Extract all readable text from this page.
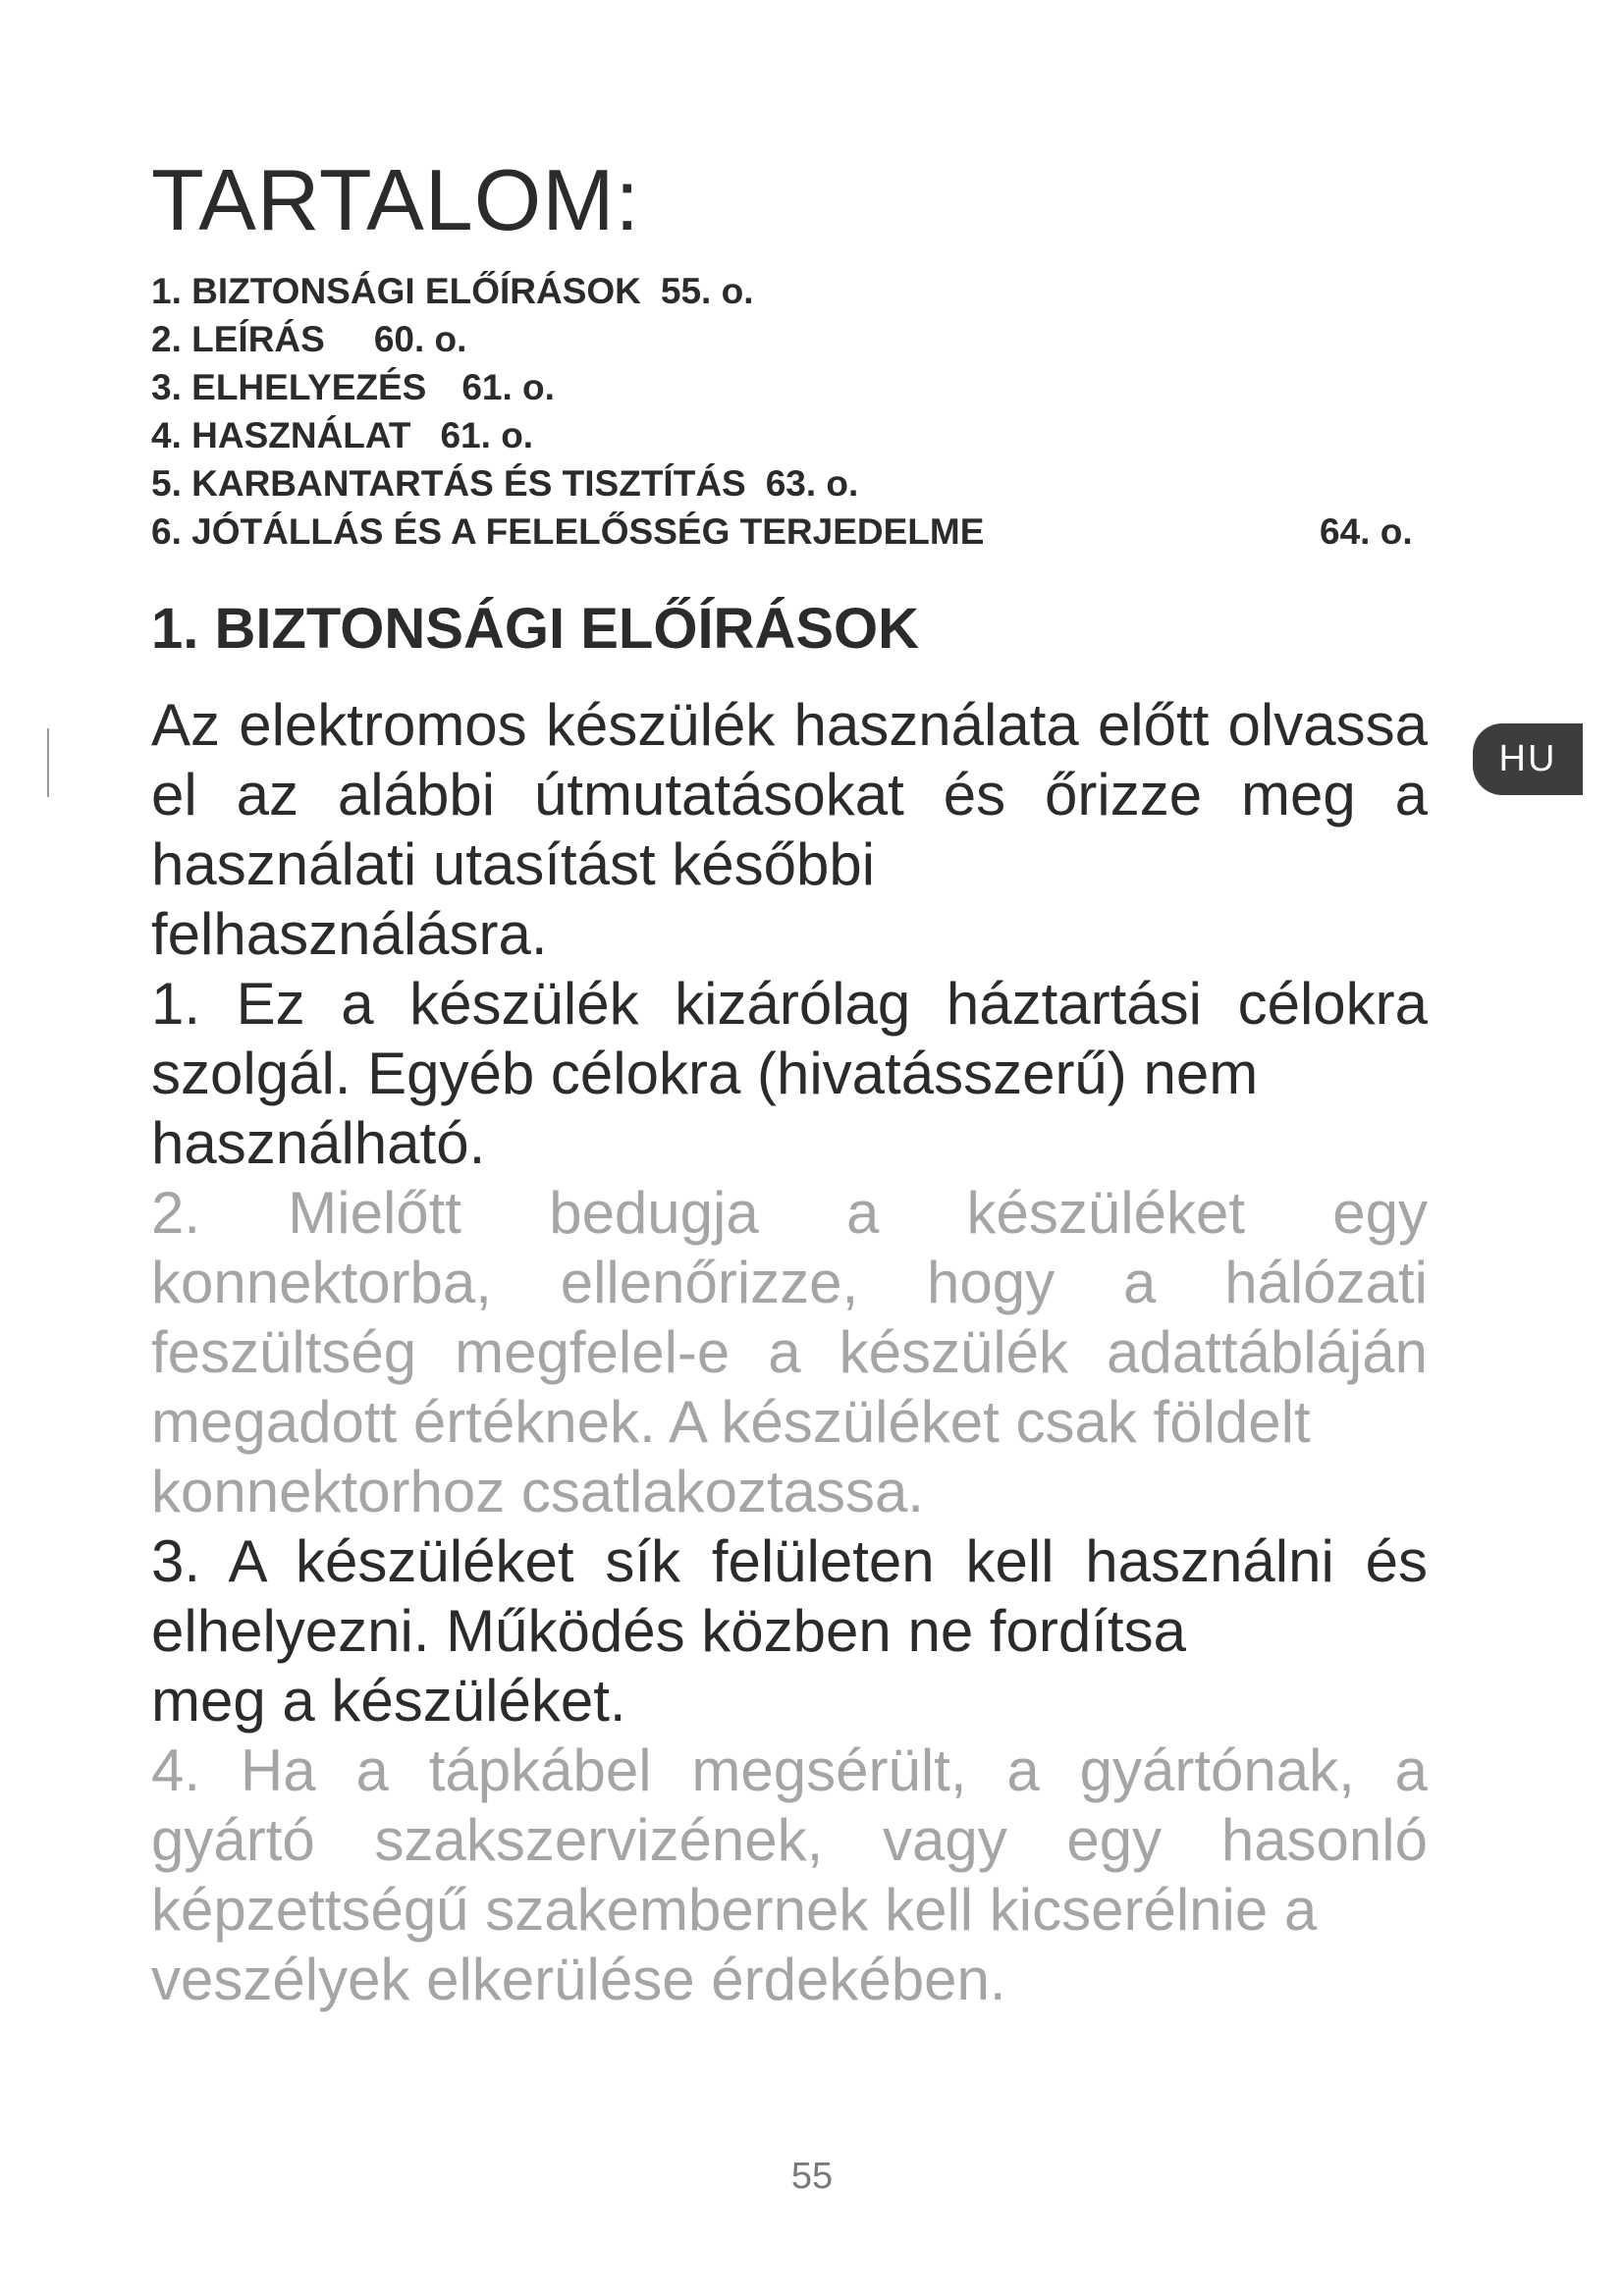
TARTALOM:
1. BIZTONSÁGI ELŐÍRÁSOK 55. o.
2. LEÍRÁS 60. o.
3. ELHELYEZÉS 61. o.
4. HASZNÁLAT 61. o.
5. KARBANTARTÁS ÉS TISZTÍTÁS 63. o.
6. JÓTÁLLÁS ÉS A FELELŐSSÉG TERJEDELME	64. o.
1. BIZTONSÁGI ELŐÍRÁSOK
HU

Az elektromos készülék használata előtt olvassa el az alábbi útmutatásokat és őrizze meg a használati utasítást későbbi
felhasználásra.

1. Ez a készülék kizárólag háztartási célokra szolgál. Egyéb célokra (hivatásszerű) nem
használható.

2. Mielőtt bedugja a készüléket egy konnektorba, ellenőrizze, hogy a hálózati feszültség megfelel-e a készülék adattábláján megadott értéknek. A készüléket csak földelt
konnektorhoz csatlakoztassa.

3. A készüléket sík felületen kell használni és elhelyezni. Működés közben ne fordítsa
meg a készüléket.

4. Ha a tápkábel megsérült, a gyártónak, a gyártó szakszervizének, vagy egy hasonló képzettségű szakembernek kell kicserélnie a
veszélyek elkerülése érdekében.

55
